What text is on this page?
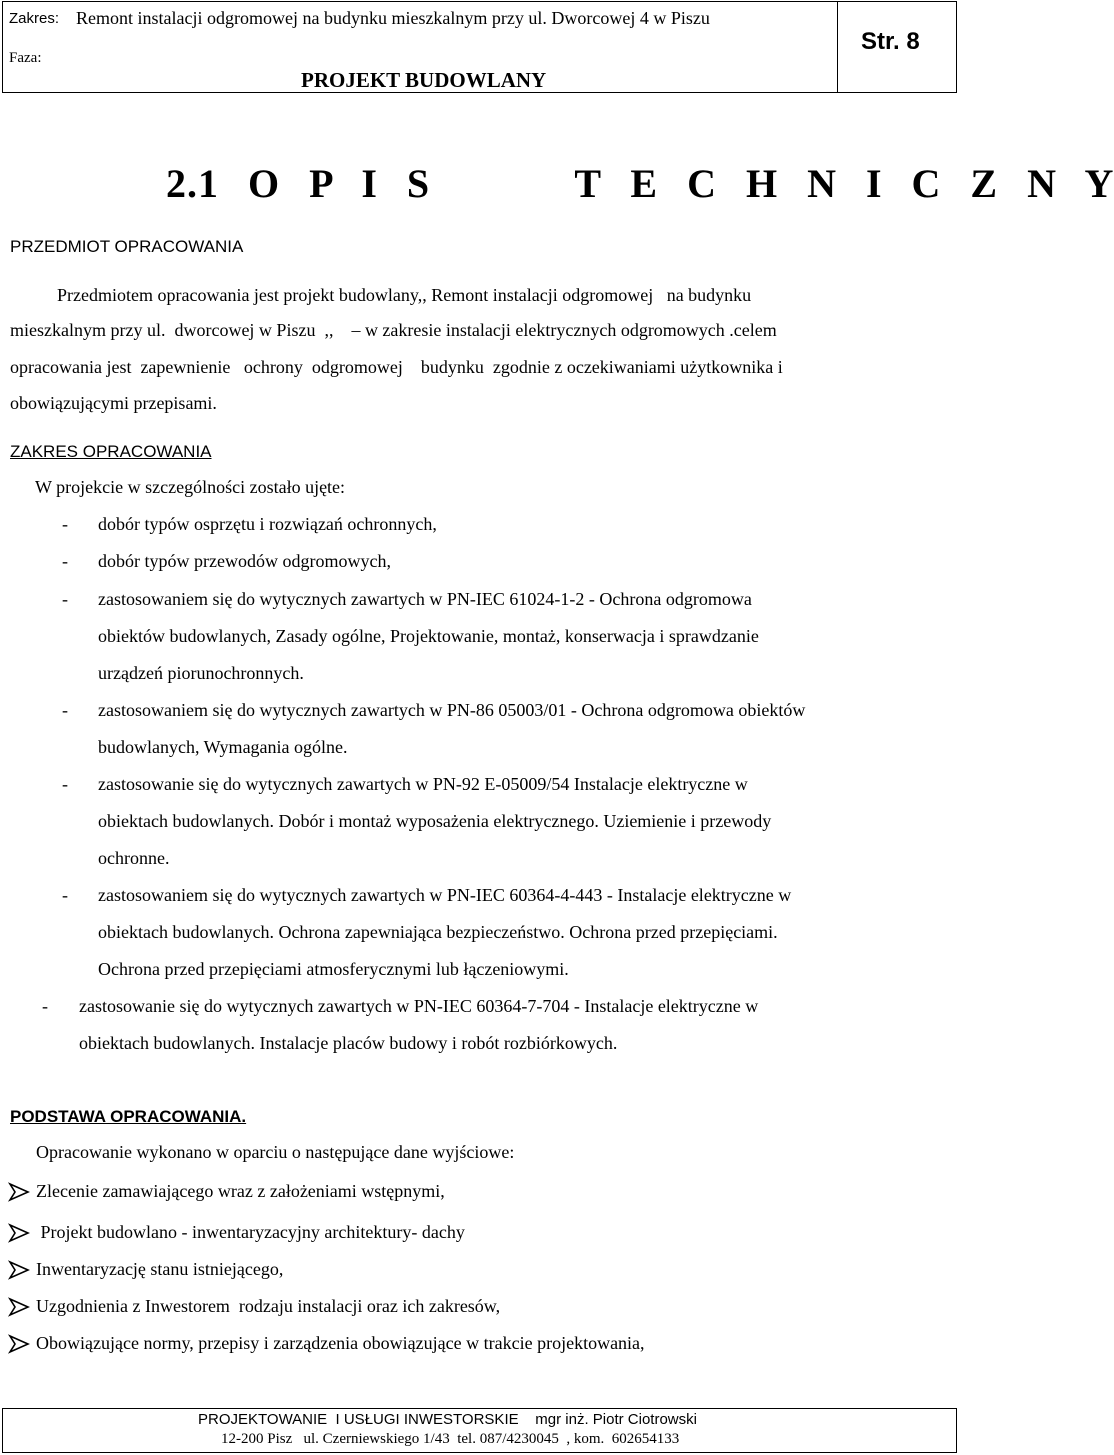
Zakres: Remont instalacji odgromowej na budynku mieszkalnym przy ul. Dworcowej 4 w Piszu
Faza:
PROJEKT BUDOWLANY
Str. 8
2.1 O P I S     T E C H N I C Z N Y
PRZEDMIOT OPRACOWANIA
Przedmiotem opracowania jest projekt budowlany,, Remont instalacji odgromowej   na budynku
mieszkalnym przy ul.  dworcowej w Piszu  ,,    – w zakresie instalacji elektrycznych odgromowych .celem
opracowania jest  zapewnienie   ochrony  odgromowej    budynku  zgodnie z oczekiwaniami użytkownika i
obowiązującymi przepisami.
ZAKRES OPRACOWANIA
W projekcie w szczególności zostało ujęte:
- dobór typów osprzętu i rozwiązań ochronnych,
- dobór typów przewodów odgromowych,
- zastosowaniem się do wytycznych zawartych w PN-IEC 61024-1-2 - Ochrona odgromowa
obiektów budowlanych, Zasady ogólne, Projektowanie, montaż, konserwacja i sprawdzanie
urządzeń piorunochronnych.
- zastosowaniem się do wytycznych zawartych w PN-86 05003/01 - Ochrona odgromowa obiektów
budowlanych, Wymagania ogólne.
- zastosowanie się do wytycznych zawartych w PN-92 E-05009/54 Instalacje elektryczne w
obiektach budowlanych. Dobór i montaż wyposażenia elektrycznego. Uziemienie i przewody
ochronne.
- zastosowaniem się do wytycznych zawartych w PN-IEC 60364-4-443 - Instalacje elektryczne w
obiektach budowlanych. Ochrona zapewniająca bezpieczeństwo. Ochrona przed przepięciami.
Ochrona przed przepięciami atmosferycznymi lub łączeniowymi.
- zastosowanie się do wytycznych zawartych w PN-IEC 60364-7-704 - Instalacje elektryczne w
obiektach budowlanych. Instalacje placów budowy i robót rozbiórkowych.
PODSTAWA OPRACOWANIA.
Opracowanie wykonano w oparciu o następujące dane wyjściowe:
Zlecenie zamawiającego wraz z założeniami wstępnymi,
Projekt budowlano - inwentaryzacyjny architektury- dachy
Inwentaryzację stanu istniejącego,
Uzgodnienia z Inwestorem  rodzaju instalacji oraz ich zakresów,
Obowiązujące normy, przepisy i zarządzenia obowiązujące w trakcie projektowania,
PROJEKTOWANIE  I USŁUGI INWESTORSKIE    mgr inż. Piotr Ciotrowski
12-200 Pisz   ul. Czerniewskiego 1/43  tel. 087/4230045  , kom.  602654133
